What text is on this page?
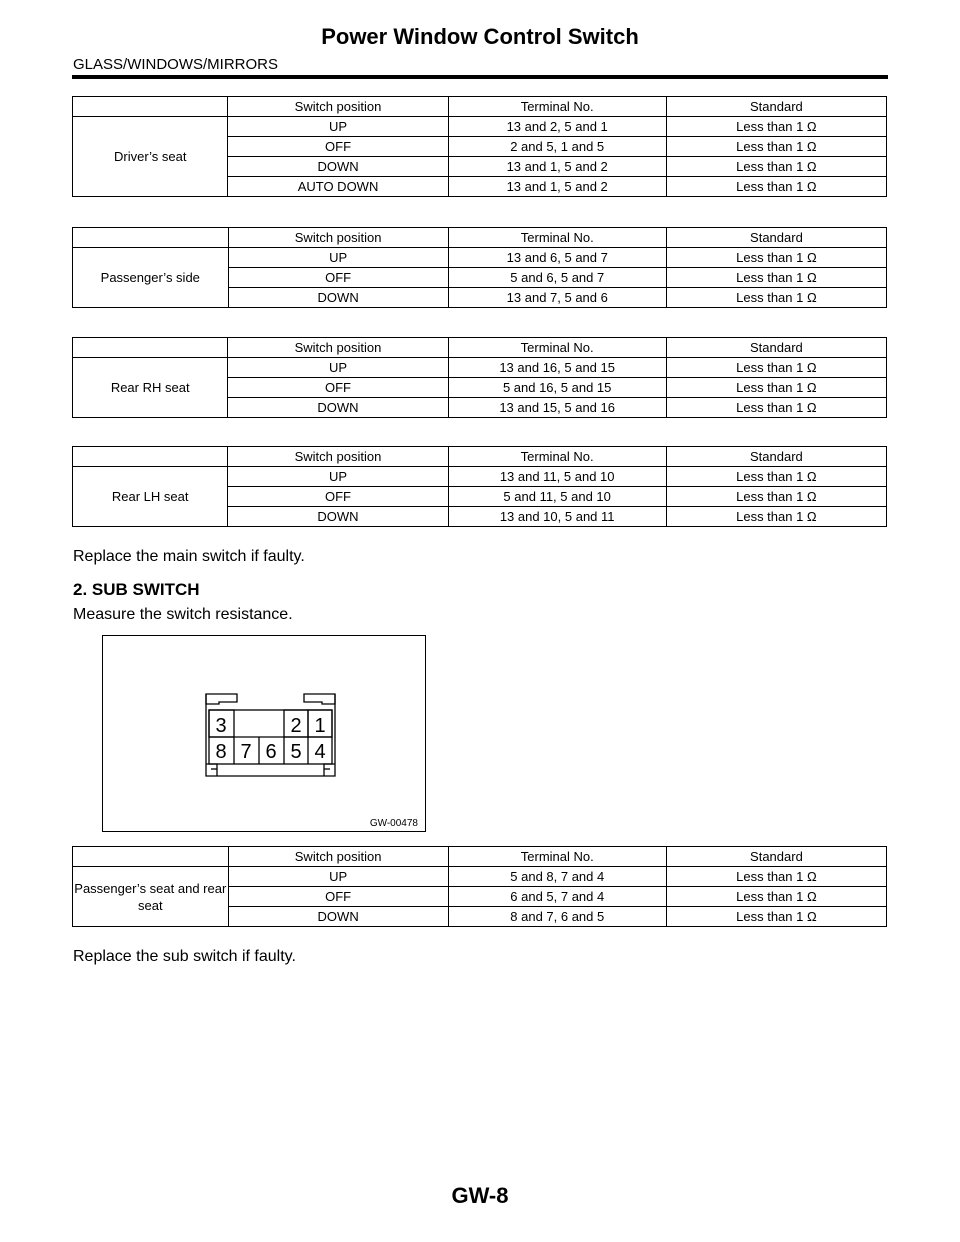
Power Window Control Switch
GLASS/WINDOWS/MIRRORS
	Switch position	Terminal No.	Standard
Driver’s seat	UP	13 and 2, 5 and 1	Less than 1 Ω
	OFF	2 and 5, 1 and 5	Less than 1 Ω
	DOWN	13 and 1, 5 and 2	Less than 1 Ω
	AUTO DOWN	13 and 1, 5 and 2	Less than 1 Ω
	Switch position	Terminal No.	Standard
Passenger’s side	UP	13 and 6, 5 and 7	Less than 1 Ω
	OFF	5 and 6, 5 and 7	Less than 1 Ω
	DOWN	13 and 7, 5 and 6	Less than 1 Ω
	Switch position	Terminal No.	Standard
Rear RH seat	UP	13 and 16, 5 and 15	Less than 1 Ω
	OFF	5 and 16, 5 and 15	Less than 1 Ω
	DOWN	13 and 15, 5 and 16	Less than 1 Ω
	Switch position	Terminal No.	Standard
Rear LH seat	UP	13 and 11, 5 and 10	Less than 1 Ω
	OFF	5 and 11, 5 and 10	Less than 1 Ω
	DOWN	13 and 10, 5 and 11	Less than 1 Ω
Replace the main switch if faulty.
2. SUB SWITCH
Measure the switch resistance.
3	2 1
8 7 6 5 4
GW-00478
	Switch position	Terminal No.	Standard
Passenger’s seat and rear seat	UP	5 and 8, 7 and 4	Less than 1 Ω
	OFF	6 and 5, 7 and 4	Less than 1 Ω
	DOWN	8 and 7, 6 and 5	Less than 1 Ω
Replace the sub switch if faulty.
GW-8
